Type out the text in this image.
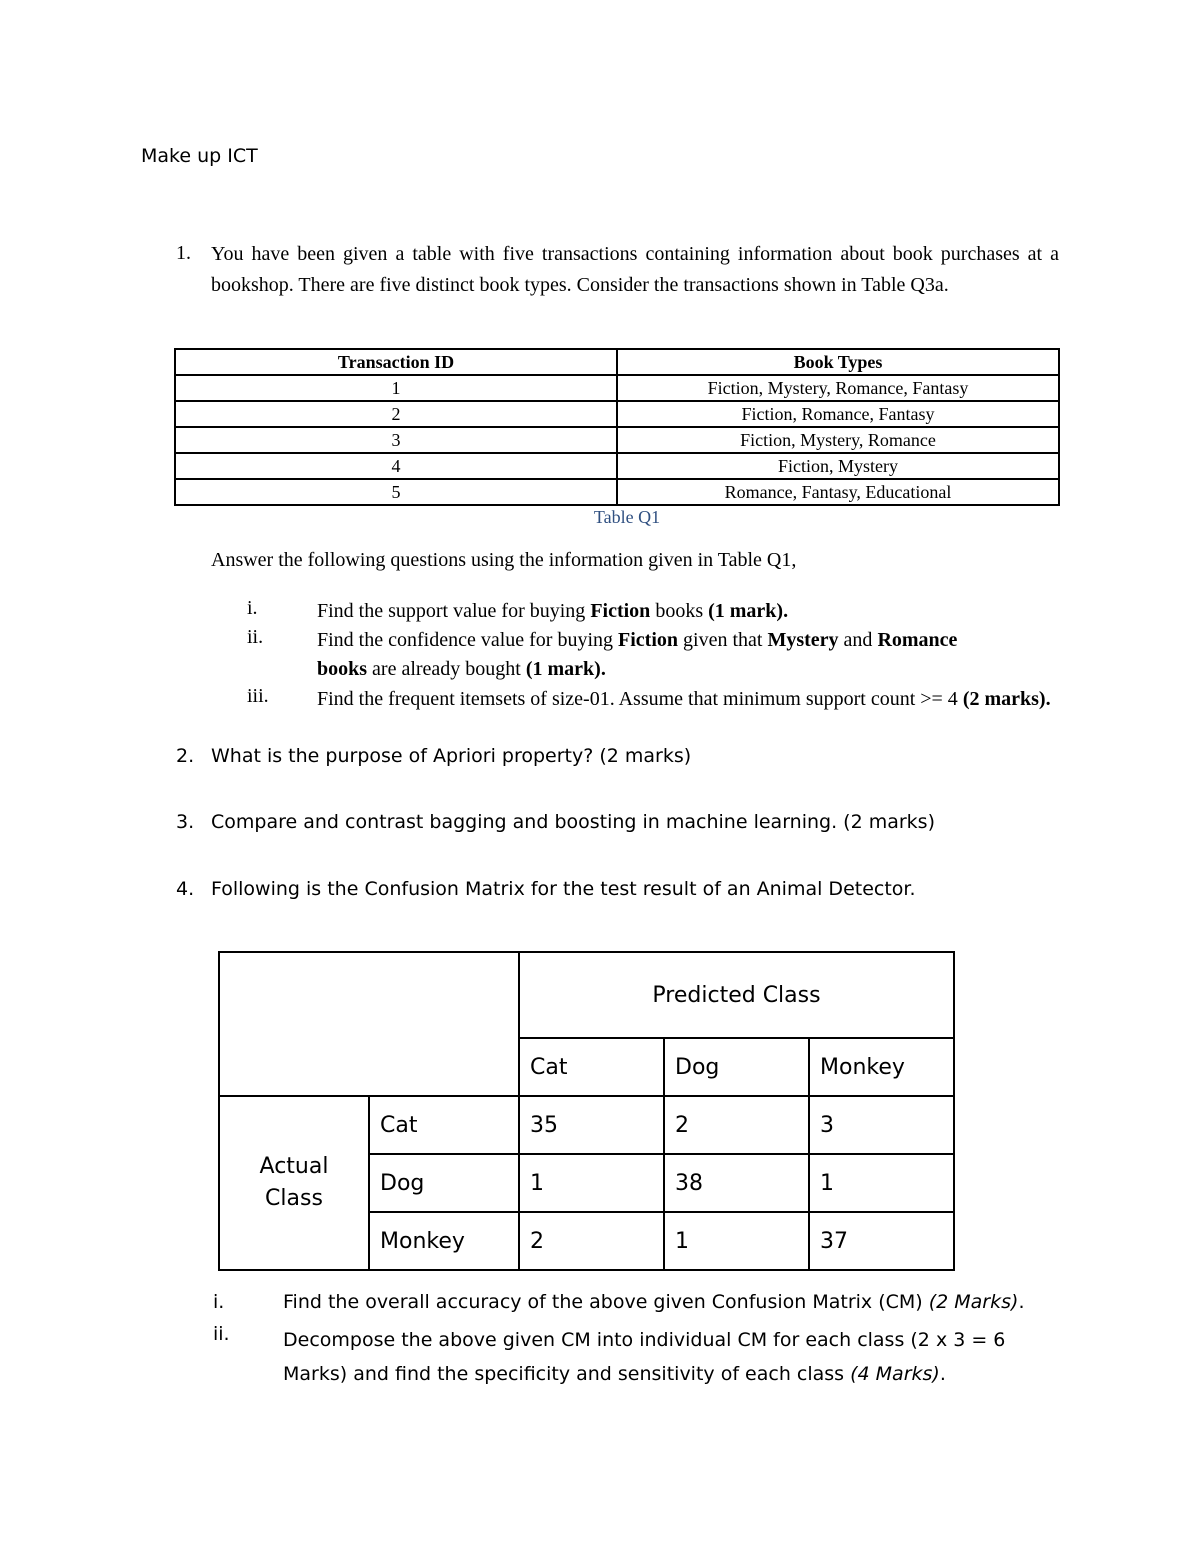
Make up ICT
1. You have been given a table with five transactions containing information about book purchases at a bookshop. There are five distinct book types. Consider the transactions shown in Table Q3a.
Transaction ID	Book Types
1	Fiction, Mystery, Romance, Fantasy
2	Fiction, Romance, Fantasy
3	Fiction, Mystery, Romance
4	Fiction, Mystery
5	Romance, Fantasy, Educational
Table Q1
Answer the following questions using the information given in Table Q1,
i.	Find the support value for buying Fiction books (1 mark).
ii.	Find the confidence value for buying Fiction given that Mystery and Romance
books are already bought (1 mark).
iii. Find the frequent itemsets of size-01. Assume that minimum support count >= 4 (2 marks).
2. What is the purpose of Apriori property? (2 marks)
3. Compare and contrast bagging and boosting in machine learning. (2 marks)
4. Following is the Confusion Matrix for the test result of an Animal Detector.
		Predicted Class		
		Cat	Dog	Monkey
Actual
Class	Cat	35	2	3
	Dog	1	38	1
	Monkey	2	1	37
i.	Find the overall accuracy of the above given Confusion Matrix (CM) (2 Marks).
ii.	Decompose the above given CM into individual CM for each class (2 x 3 = 6 Marks) and find the specificity and sensitivity of each class (4 Marks).
